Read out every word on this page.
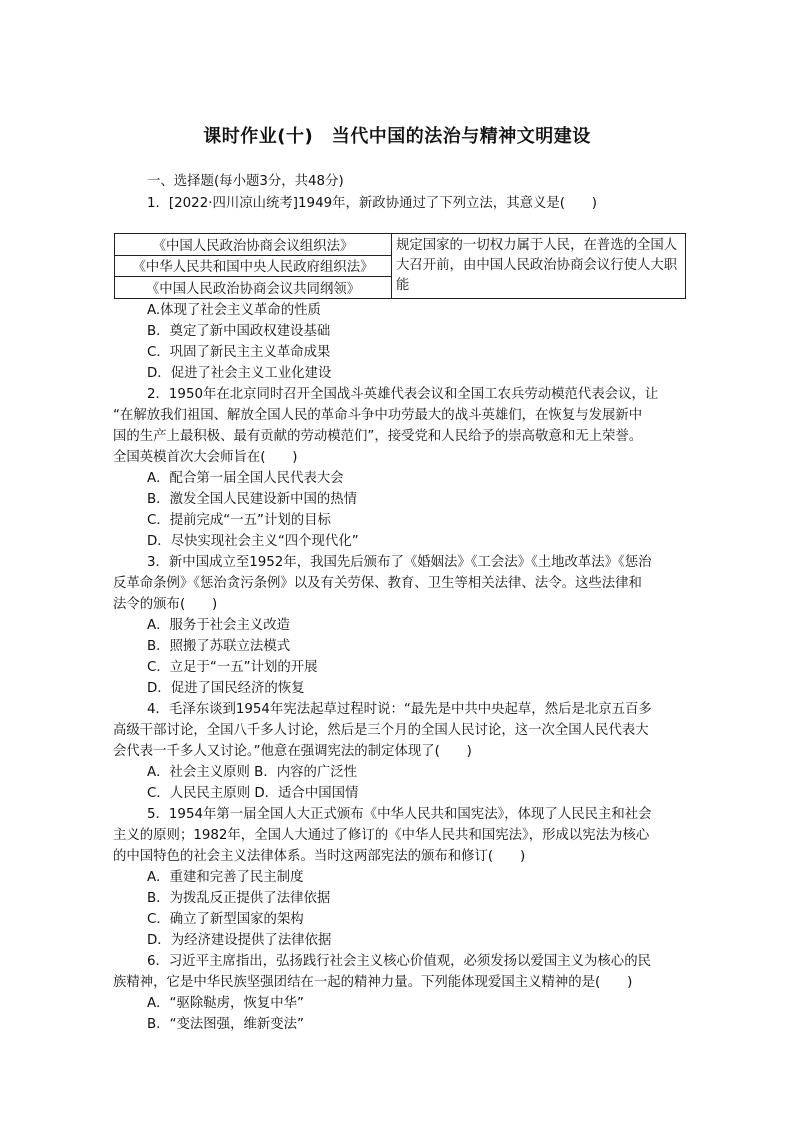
课时作业(十)　当代中国的法治与精神文明建设
一、选择题(每小题3分，共48分)
1．[2022·四川凉山统考]1949年，新政协通过了下列立法，其意义是(　　)
《中国人民政治协商会议组织法》	规定国家的一切权力属于人民，在普选的全国人大召开前，由中国人民政治协商会议行使人大职能
《中华人民共和国中央人民政府组织法》
《中国人民政治协商会议共同纲领》
A.体现了社会主义革命的性质
B．奠定了新中国政权建设基础
C．巩固了新民主主义革命成果
D．促进了社会主义工业化建设
2．1950年在北京同时召开全国战斗英雄代表会议和全国工农兵劳动模范代表会议，让
“在解放我们祖国、解放全国人民的革命斗争中功劳最大的战斗英雄们，在恢复与发展新中
国的生产上最积极、最有贡献的劳动模范们”，接受党和人民给予的崇高敬意和无上荣誉。
全国英模首次大会师旨在(　　)
A．配合第一届全国人民代表大会
B．激发全国人民建设新中国的热情
C．提前完成“一五”计划的目标
D．尽快实现社会主义“四个现代化”
3．新中国成立至1952年，我国先后颁布了《婚姻法》《工会法》《土地改革法》《惩治
反革命条例》《惩治贪污条例》以及有关劳保、教育、卫生等相关法律、法令。这些法律和
法令的颁布(　　)
A．服务于社会主义改造
B．照搬了苏联立法模式
C．立足于“一五”计划的开展
D．促进了国民经济的恢复
4．毛泽东谈到1954年宪法起草过程时说：“最先是中共中央起草，然后是北京五百多
高级干部讨论，全国八千多人讨论，然后是三个月的全国人民讨论，这一次全国人民代表大
会代表一千多人又讨论。”他意在强调宪法的制定体现了(　　)
A．社会主义原则 B．内容的广泛性
C．人民民主原则 D．适合中国国情
5．1954年第一届全国人大正式颁布《中华人民共和国宪法》，体现了人民民主和社会
主义的原则；1982年，全国人大通过了修订的《中华人民共和国宪法》，形成以宪法为核心
的中国特色的社会主义法律体系。当时这两部宪法的颁布和修订(　　)
A．重建和完善了民主制度
B．为拨乱反正提供了法律依据
C．确立了新型国家的架构
D．为经济建设提供了法律依据
6．习近平主席指出，弘扬践行社会主义核心价值观，必须发扬以爱国主义为核心的民
族精神，它是中华民族坚强团结在一起的精神力量。下列能体现爱国主义精神的是(　　)
A．“驱除鞑虏，恢复中华”
B．“变法图强，维新变法”
